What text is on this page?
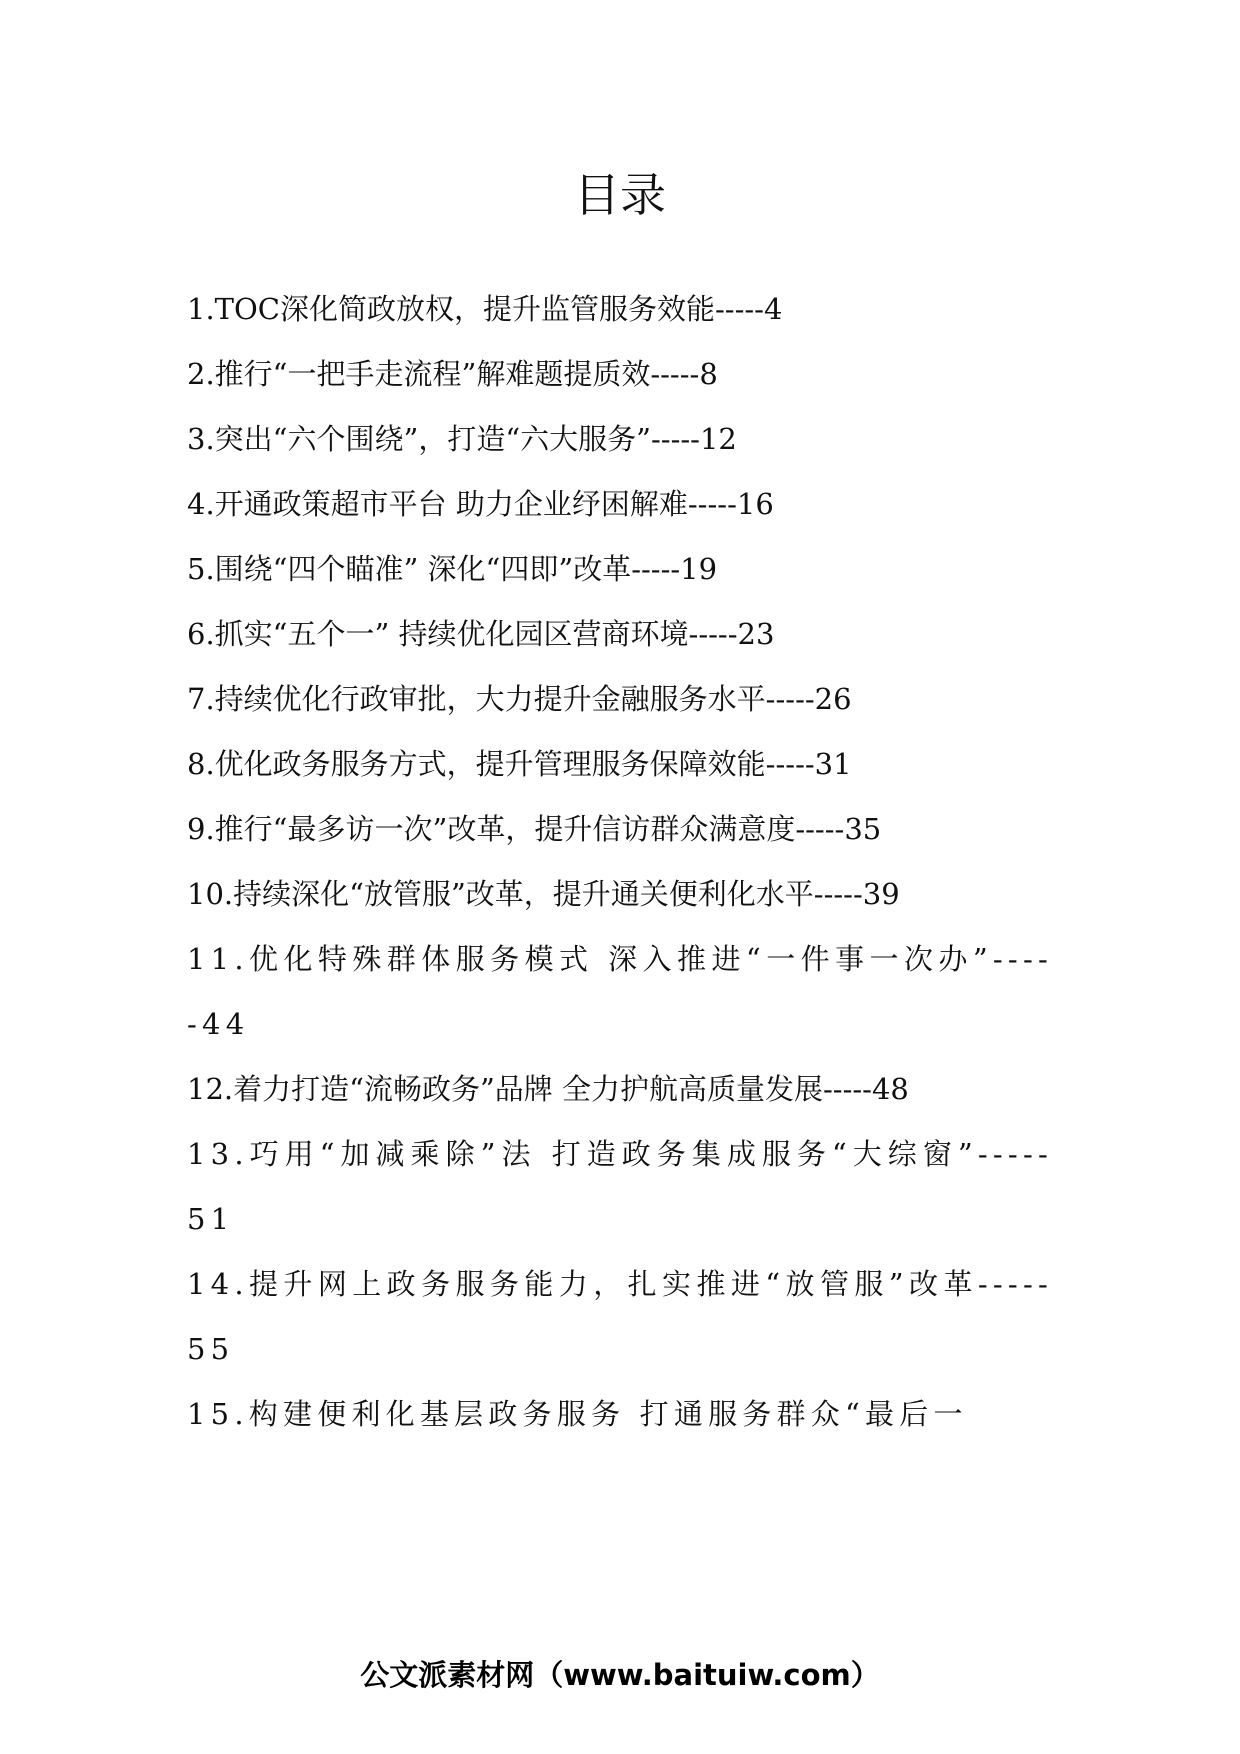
目录
1.TOC深化简政放权，提升监管服务效能-----4
2.推行“一把手走流程”解难题提质效-----8
3.突出“六个围绕”，打造“六大服务”-----12
4.开通政策超市平台 助力企业纾困解难-----16
5.围绕“四个瞄准” 深化“四即”改革-----19
6.抓实“五个一” 持续优化园区营商环境-----23
7.持续优化行政审批，大力提升金融服务水平-----26
8.优化政务服务方式，提升管理服务保障效能-----31
9.推行“最多访一次”改革，提升信访群众满意度-----35
10.持续深化“放管服”改革，提升通关便利化水平-----39
11.优化特殊群体服务模式 深入推进“一件事一次办”-----44
12.着力打造“流畅政务”品牌 全力护航高质量发展-----48
13.巧用“加减乘除”法 打造政务集成服务“大综窗”-----51
14.提升网上政务服务能力，扎实推进“放管服”改革-----55
15.构建便利化基层政务服务 打通服务群众“最后一
公文派素材网（www.baituiw.com）
